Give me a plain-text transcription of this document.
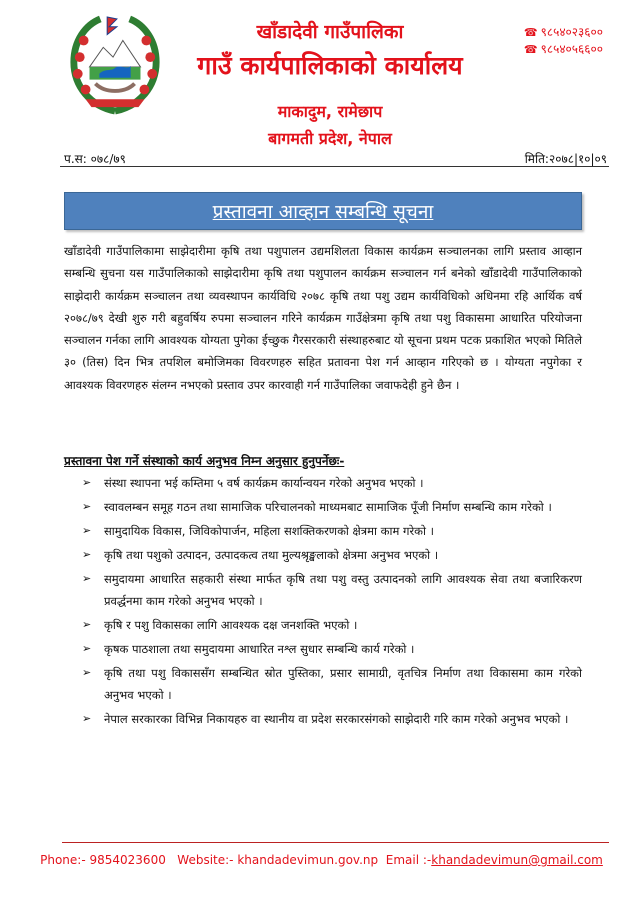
खाँडादेवी गाउँपालिका
गाउँ कार्यपालिकाको कार्यालय
माकादुम, रामेछाप
बागमती प्रदेश, नेपाल
☎ ९८५४०२३६००
☎ ९८५४०५६६००
प.स: ०७८/७९	मिति:२०७८|१०|०९
प्रस्तावना आव्हान सम्बन्धि सूचना

खाँडादेवी गाउँपालिकामा साझेदारीमा कृषि तथा पशुपालन उद्यमशिलता विकास कार्यक्रम सञ्चालनका लागि प्रस्ताव आव्हान सम्बन्धि सुचना यस गाउँपालिकाको साझेदारीमा कृषि तथा पशुपालन कार्यक्रम सञ्चालन गर्न बनेको खाँडादेवी गाउँपालिकाको साझेदारी कार्यक्रम सञ्चालन तथा व्यवस्थापन कार्यविधि २०७८ कृषि तथा पशु उद्यम कार्यविधिको अधिनमा रहि आर्थिक वर्ष २०७८/७९ देखी शुरु गरी बहुवर्षिय रुपमा सञ्चालन गरिने कार्यक्रम गाउँक्षेत्रमा कृषि तथा पशु विकासमा आधारित परियोजना सञ्चालन गर्नका लागि आवश्यक योग्यता पुगेका ईच्छुक गैरसरकारी संस्थाहरुबाट यो सूचना प्रथम पटक प्रकाशित भएको मितिले ३० (तिस) दिन भित्र तपशिल बमोजिमका विवरणहरु सहित प्रतावना पेश गर्न आव्हान गरिएको छ । योग्यता नपुगेका र आवश्यक विवरणहरु संलग्न नभएको प्रस्ताव उपर कारवाही गर्न गाउँपालिका जवाफदेही हुने छैन ।

प्रस्तावना पेश गर्ने संस्थाको कार्य अनुभव निम्न अनुसार हुनुपर्नेछः-
➢ संस्था स्थापना भई कम्तिमा ५ वर्ष कार्यक्रम कार्यान्वयन गरेको अनुभव भएको ।
➢ स्वावलम्बन समूह गठन तथा सामाजिक परिचालनको माध्यमबाट सामाजिक पूँजी निर्माण सम्बन्धि काम गरेको ।
➢ सामुदायिक विकास, जिविकोपार्जन, महिला सशक्तिकरणको क्षेत्रमा काम गरेको ।
➢ कृषि तथा पशुको उत्पादन, उत्पादकत्व तथा मुल्यश्रृङ्खलाको क्षेत्रमा अनुभव भएको ।
➢ समुदायमा आधारित सहकारी संस्था मार्फत कृषि तथा पशु वस्तु उत्पादनको लागि आवश्यक सेवा तथा बजारिकरण प्रवर्द्धनमा काम गरेको अनुभव भएको ।
➢ कृषि र पशु विकासका लागि आवश्यक दक्ष जनशक्ति भएको ।
➢ कृषक पाठशाला तथा समुदायमा आधारित नश्ल सुधार सम्बन्धि कार्य गरेको ।
➢ कृषि तथा पशु विकाससँग सम्बन्धित स्रोत पुस्तिका, प्रसार सामाग्री, वृतचित्र निर्माण तथा विकासमा काम गरेको अनुभव भएको ।
➢ नेपाल सरकारका विभिन्न निकायहरु वा स्थानीय वा प्रदेश सरकारसंगको साझेदारी गरि काम गरेको अनुभव भएको ।
Phone:- 9854023600 Website:- khandadevimun.gov.np Email :-khandadevimun@gmail.com
